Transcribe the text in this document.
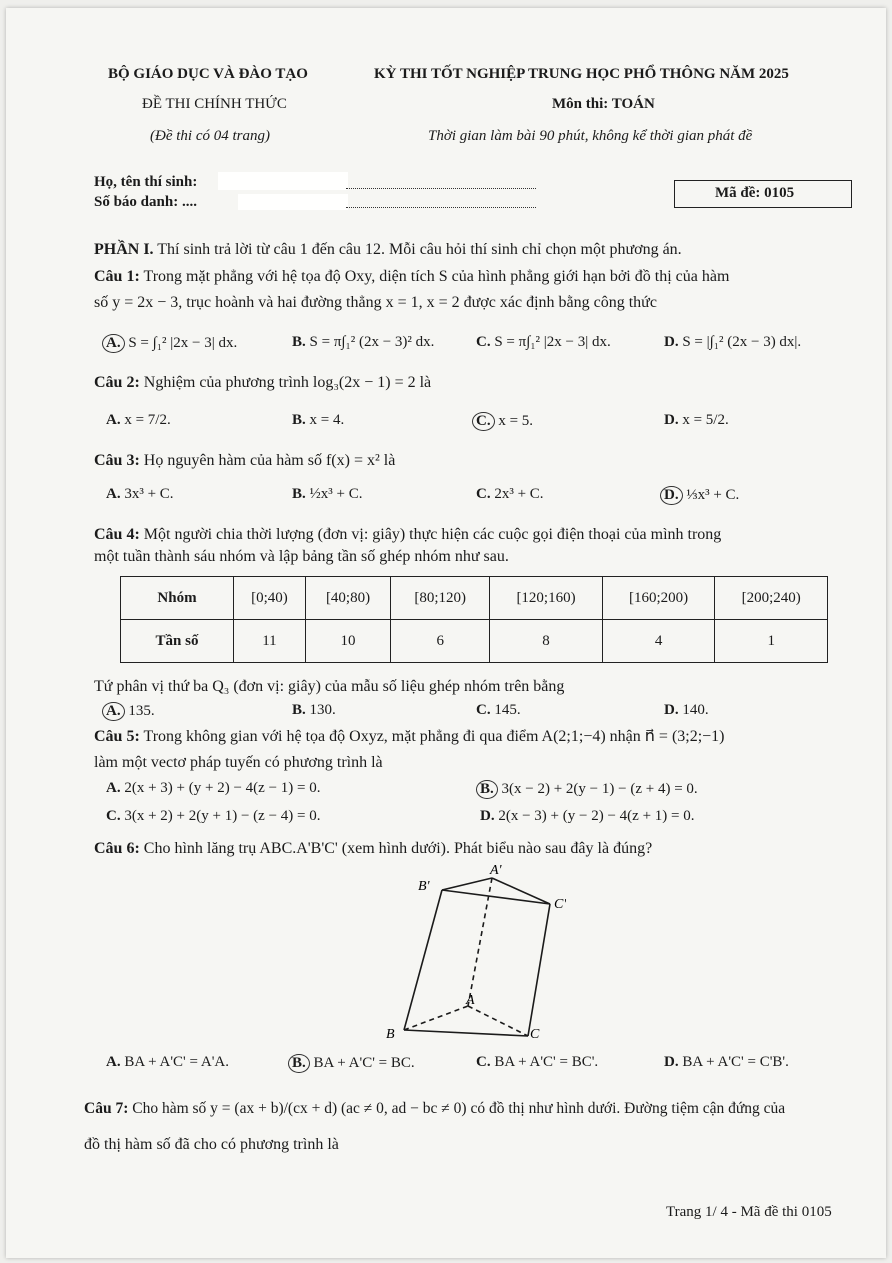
BỘ GIÁO DỤC VÀ ĐÀO TẠO
ĐỀ THI CHÍNH THỨC
(Đề thi có 04 trang)
KỲ THI TỐT NGHIỆP TRUNG HỌC PHỔ THÔNG NĂM 2025
Môn thi: TOÁN
Thời gian làm bài 90 phút, không kể thời gian phát đề
Họ, tên thí sinh:
Số báo danh: ....
Mã đề: 0105
PHẦN I. Thí sinh trả lời từ câu 1 đến câu 12. Mỗi câu hỏi thí sinh chỉ chọn một phương án.
Câu 1: Trong mặt phẳng với hệ tọa độ Oxy, diện tích S của hình phẳng giới hạn bởi đồ thị của hàm
số y = 2x − 3, trục hoành và hai đường thẳng x = 1, x = 2 được xác định bằng công thức
A. S = ∫₁² |2x − 3| dx.	B. S = π∫₁² (2x − 3)² dx.	C. S = π∫₁² |2x − 3| dx.	D. S = |∫₁² (2x − 3) dx|.
Câu 2: Nghiệm của phương trình log₃(2x − 1) = 2 là
A. x = 7/2.	B. x = 4.	C. x = 5.	D. x = 5/2.
Câu 3: Họ nguyên hàm của hàm số f(x) = x² là
A. 3x³ + C.	B. ½x³ + C.	C. 2x³ + C.	D. ⅓x³ + C.
Câu 4: Một người chia thời lượng (đơn vị: giây) thực hiện các cuộc gọi điện thoại của mình trong
một tuần thành sáu nhóm và lập bảng tần số ghép nhóm như sau.
Nhóm	[0;40)	[40;80)	[80;120)	[120;160)	[160;200)	[200;240)
Tần số	11	10	6	8	4	1
Tứ phân vị thứ ba Q₃ (đơn vị: giây) của mẫu số liệu ghép nhóm trên bằng
A. 135.	B. 130.	C. 145.	D. 140.
Câu 5: Trong không gian với hệ tọa độ Oxyz, mặt phẳng đi qua điểm A(2;1;−4) nhận n⃗ = (3;2;−1)
làm một vectơ pháp tuyến có phương trình là
A. 2(x + 3) + (y + 2) − 4(z − 1) = 0.	B. 3(x − 2) + 2(y − 1) − (z + 4) = 0.
C. 3(x + 2) + 2(y + 1) − (z − 4) = 0.	D. 2(x − 3) + (y − 2) − 4(z + 1) = 0.
Câu 6: Cho hình lăng trụ ABC.A'B'C' (xem hình dưới). Phát biểu nào sau đây là đúng?
A'
B'
C'
A
B	C
A. BA + A'C' = A'A.	B. BA + A'C' = BC.	C. BA + A'C' = BC'.	D. BA + A'C' = C'B'.
Câu 7: Cho hàm số y = (ax + b)/(cx + d) (ac ≠ 0, ad − bc ≠ 0) có đồ thị như hình dưới. Đường tiệm cận đứng của
đồ thị hàm số đã cho có phương trình là
Trang 1/ 4 - Mã đề thi 0105
